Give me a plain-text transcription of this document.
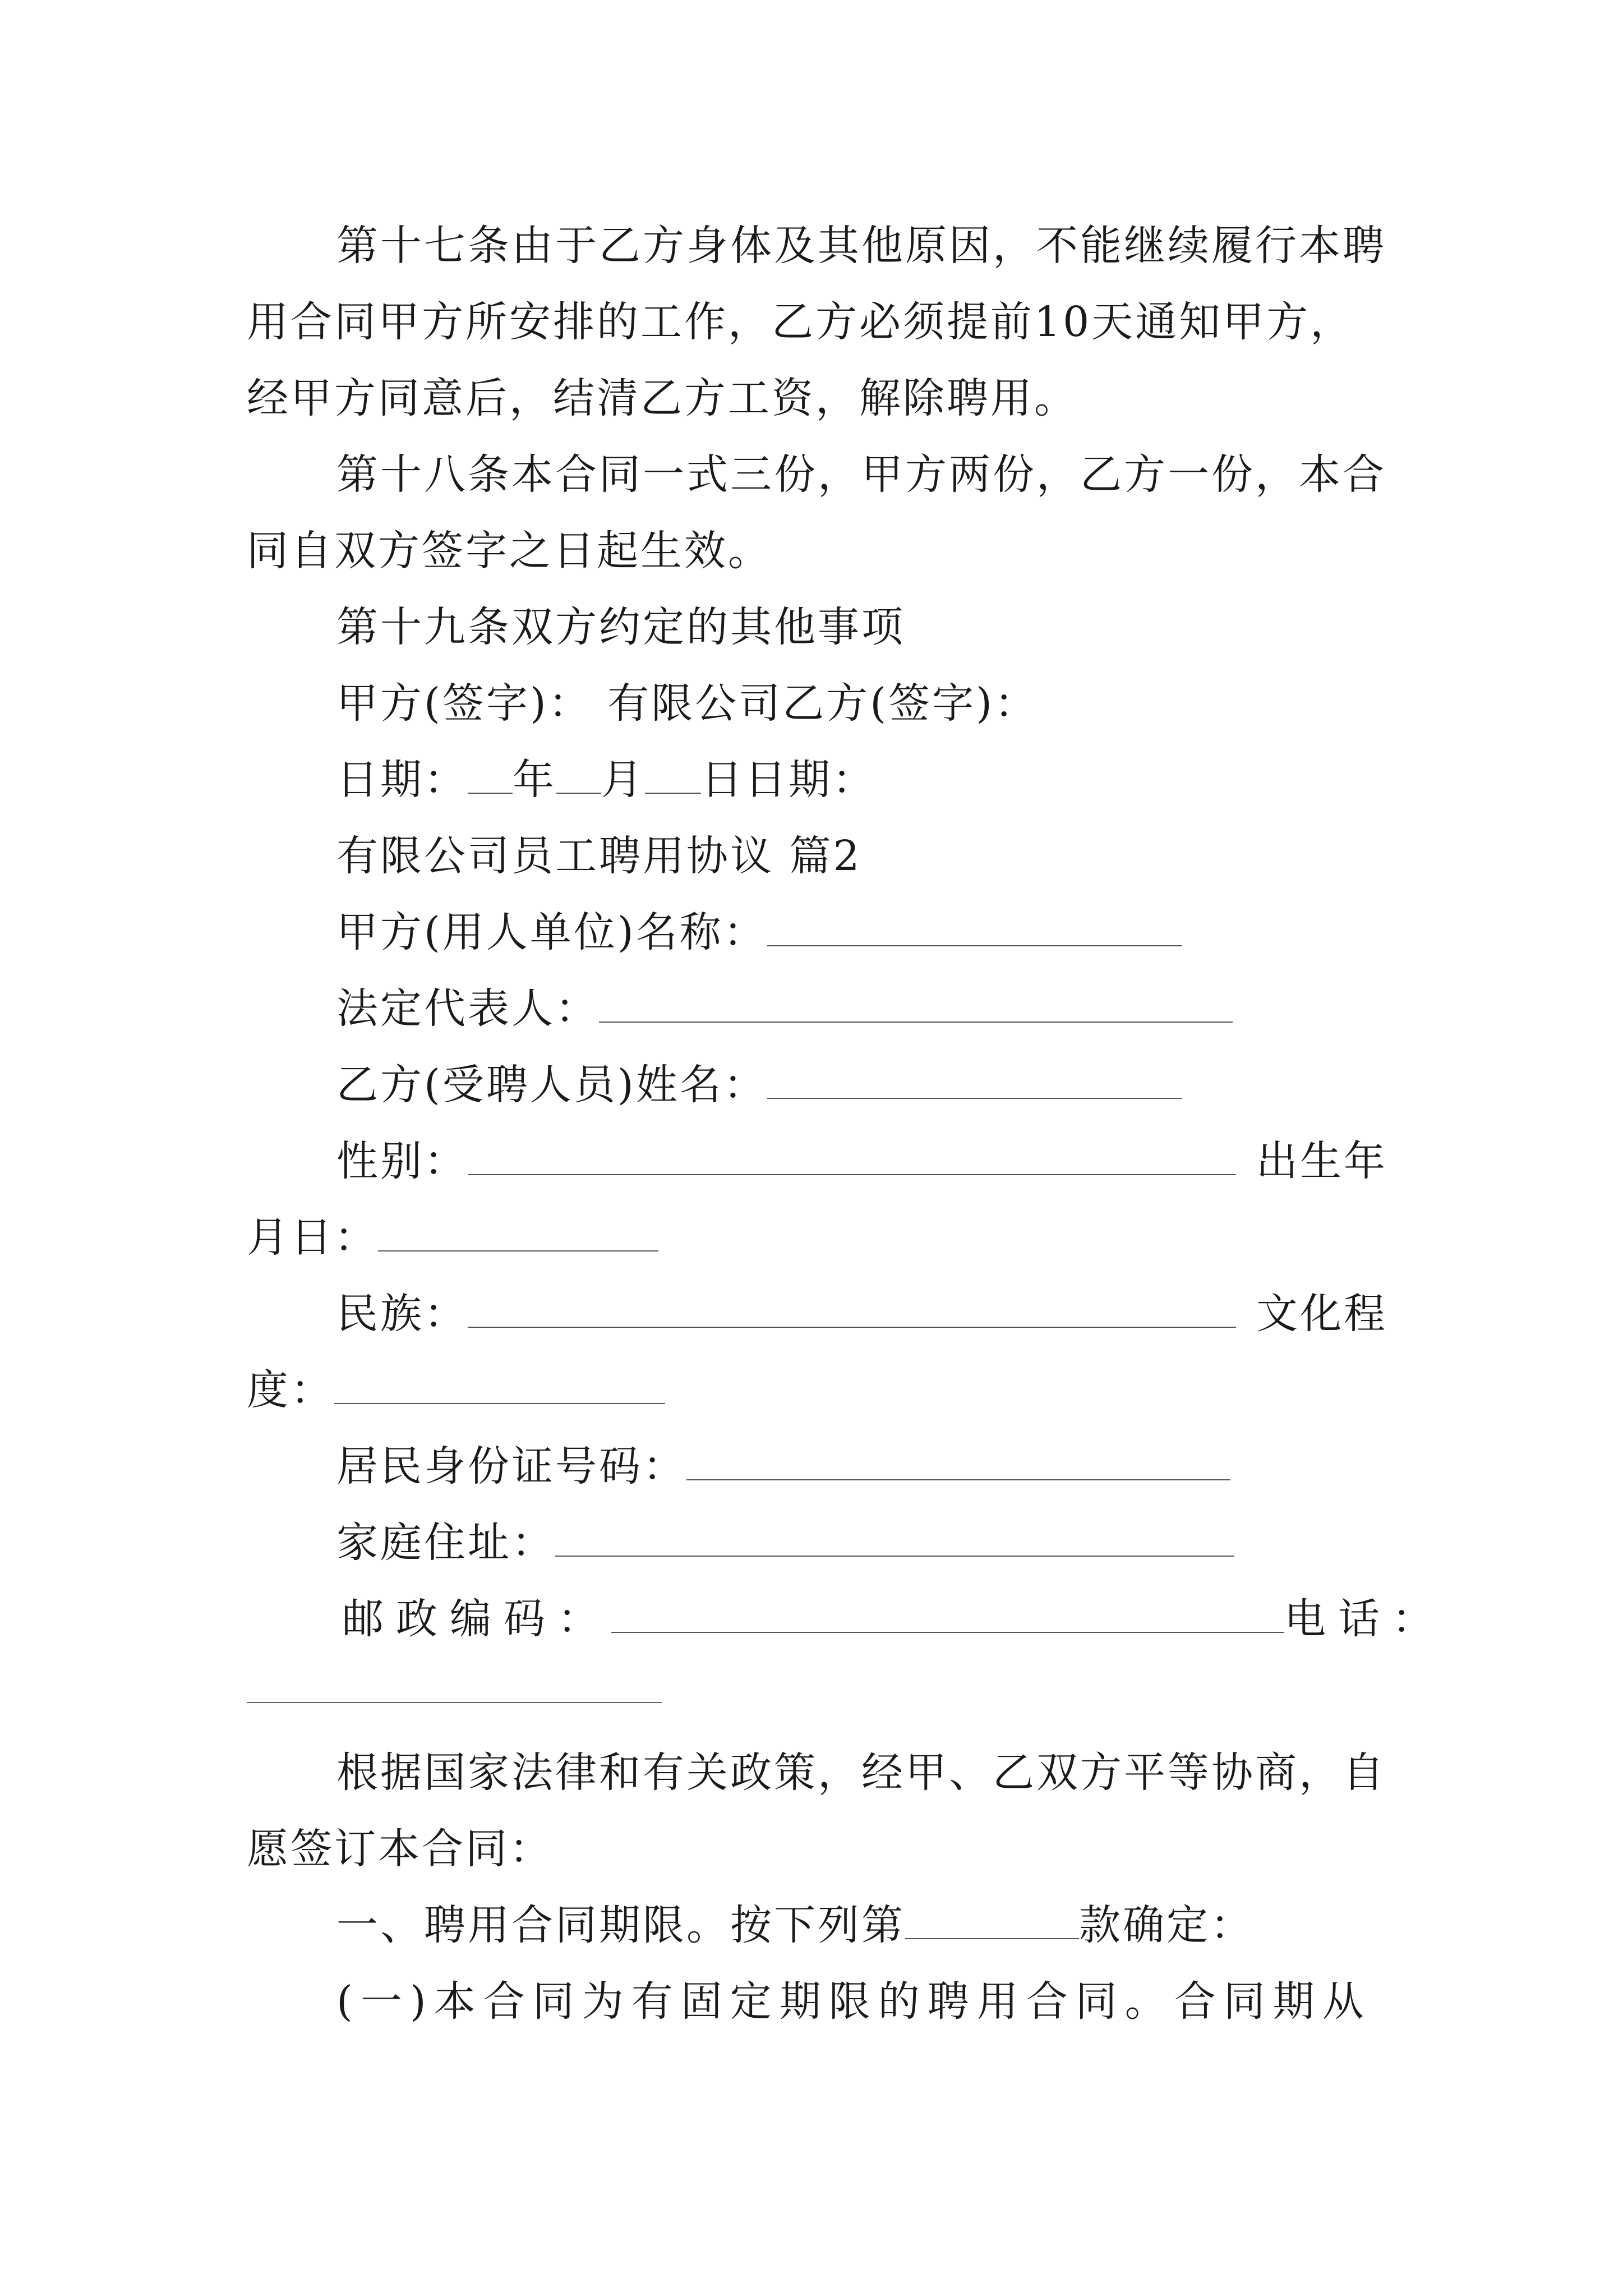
第十七条由于乙方身体及其他原因，不能继续履行本聘
用合同甲方所安排的工作，乙方必须提前10天通知甲方，
经甲方同意后，结清乙方工资，解除聘用。
第十八条本合同一式三份，甲方两份，乙方一份，本合
同自双方签字之日起生效。
第十九条双方约定的其他事项
甲方(签字)： 有限公司乙方(签字)：
日期： 年 月 日日期：
有限公司员工聘用协议 篇2
甲方(用人单位)名称：
法定代表人：
乙方(受聘人员)姓名：
性别：	出生年
月日：
民族：	文化程
度：
居民身份证号码：
家庭住址：
邮政编码：	电话：
根据国家法律和有关政策，经甲、乙双方平等协商，自
愿签订本合同：
一、聘用合同期限。按下列第	款确定：
(一)本合同为有固定期限的聘用合同。合同期从
